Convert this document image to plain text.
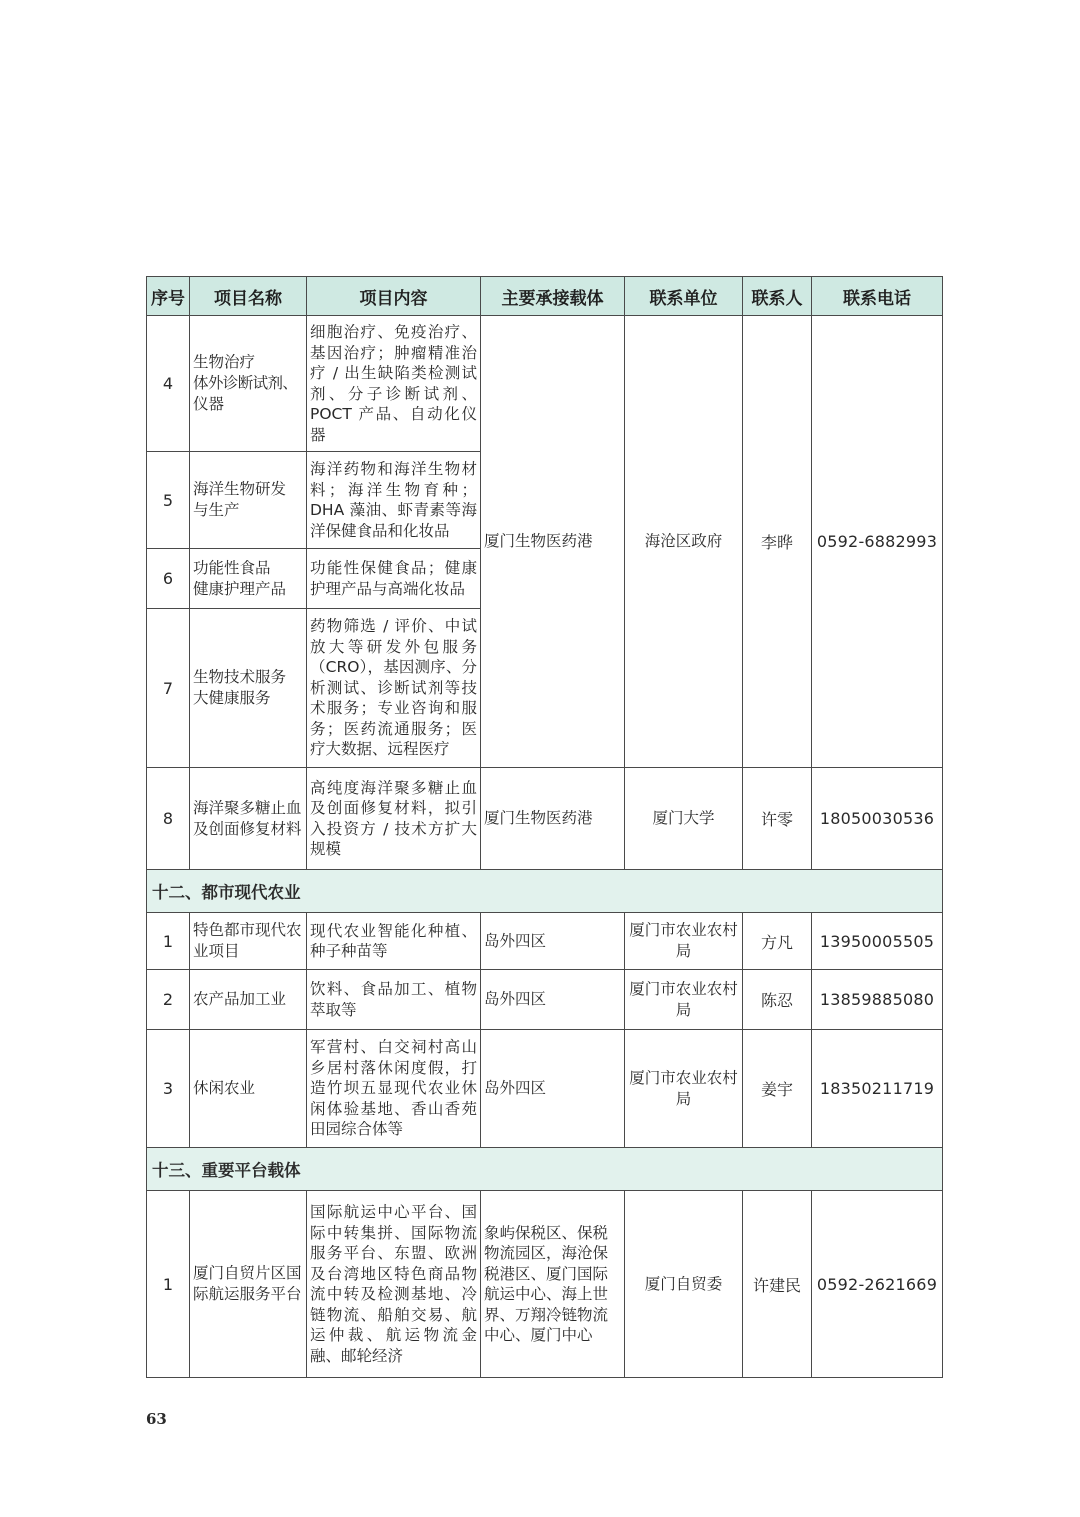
序号	项目名称	项目内容	主要承接载体	联系单位	联系人	联系电话
4	生物治疗
体外诊断试剂、
仪器	细胞治疗、免疫治疗、基因治疗；肿瘤精准治疗 / 出生缺陷类检测试剂、分子诊断试剂、POCT 产品、自动化仪器	厦门生物医药港	海沧区政府	李晔	0592-6882993
5	海洋生物研发
与生产	海洋药物和海洋生物材料；海洋生物育种；DHA 藻油、虾青素等海洋保健食品和化妆品				
6	功能性食品
健康护理产品	功能性保健食品；健康护理产品与高端化妆品				
7	生物技术服务
大健康服务	药物筛选 / 评价、中试放大等研发外包服务（CRO），基因测序、分析测试、诊断试剂等技术服务；专业咨询和服务；医药流通服务；医疗大数据、远程医疗				
8	海洋聚多糖止血及创面修复材料	高纯度海洋聚多糖止血及创面修复材料，拟引入投资方 / 技术方扩大规模	厦门生物医药港	厦门大学	许零	18050030536
十二、都市现代农业						
1	特色都市现代农业项目	现代农业智能化种植、种子种苗等	岛外四区	厦门市农业农村局	方凡	13950005505
2	农产品加工业	饮料、食品加工、植物萃取等	岛外四区	厦门市农业农村局	陈忍	13859885080
3	休闲农业	军营村、白交祠村高山乡居村落休闲度假，打造竹坝五显现代农业休闲体验基地、香山香苑田园综合体等	岛外四区	厦门市农业农村局	姜宇	18350211719
十三、重要平台载体						
1	厦门自贸片区国际航运服务平台	国际航运中心平台、国际中转集拼、国际物流服务平台、东盟、欧洲及台湾地区特色商品物流中转及检测基地、冷链物流、船舶交易、航运仲裁、航运物流金融、邮轮经济	象屿保税区、保税物流园区，海沧保税港区、厦门国际航运中心、海上世界、万翔冷链物流中心、厦门中心	厦门自贸委	许建民	0592-2621669
63
